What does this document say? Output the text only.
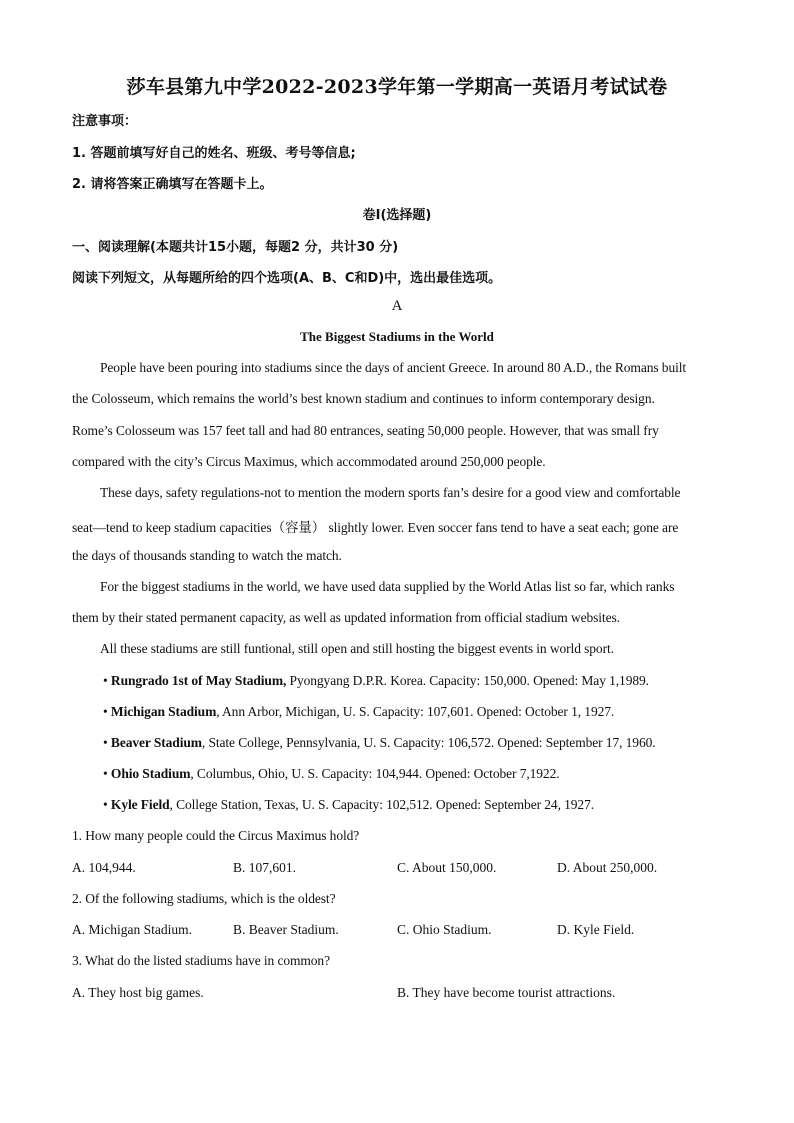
莎车县第九中学2022-2023学年第一学期高一英语月考试试卷
注意事项：
1. 答题前填写好自己的姓名、班级、考号等信息;
2. 请将答案正确填写在答题卡上。
卷Ⅰ(选择题)
一、阅读理解(本题共计15小题，每题2 分，共计30 分)
阅读下列短文，从每题所给的四个选项(A、B、C和D)中，选出最佳选项。
A
The Biggest Stadiums in the World
People have been pouring into stadiums since the days of ancient Greece. In around 80 A.D., the Romans built
the Colosseum, which remains the world’s best known stadium and continues to inform contemporary design.
Rome’s Colosseum was 157 feet tall and had 80 entrances, seating 50,000 people. However, that was small fry
compared with the city’s Circus Maximus, which accommodated around 250,000 people.
These days, safety regulations-not to mention the modern sports fan’s desire for a good view and comfortable
seat—tend to keep stadium capacities（容量） slightly lower. Even soccer fans tend to have a seat each; gone are
the days of thousands standing to watch the match.
For the biggest stadiums in the world, we have used data supplied by the World Atlas list so far, which ranks
them by their stated permanent capacity, as well as updated information from official stadium websites.
All these stadiums are still funtional, still open and still hosting the biggest events in world sport.
• Rungrado 1st of May Stadium, Pyongyang D.P.R. Korea. Capacity: 150,000. Opened: May 1,1989.
• Michigan Stadium, Ann Arbor, Michigan, U. S. Capacity: 107,601. Opened: October 1, 1927.
• Beaver Stadium, State College, Pennsylvania, U. S. Capacity: 106,572. Opened: September 17, 1960.
• Ohio Stadium, Columbus, Ohio, U. S. Capacity: 104,944. Opened: October 7,1922.
• Kyle Field, College Station, Texas, U. S. Capacity: 102,512. Opened: September 24, 1927.
1. How many people could the Circus Maximus hold?
A. 104,944.	B. 107,601.	C. About 150,000.	D. About 250,000.
2. Of the following stadiums, which is the oldest?
A. Michigan Stadium.	B. Beaver Stadium.	C. Ohio Stadium.	D. Kyle Field.
3. What do the listed stadiums have in common?
A. They host big games.	B. They have become tourist attractions.
